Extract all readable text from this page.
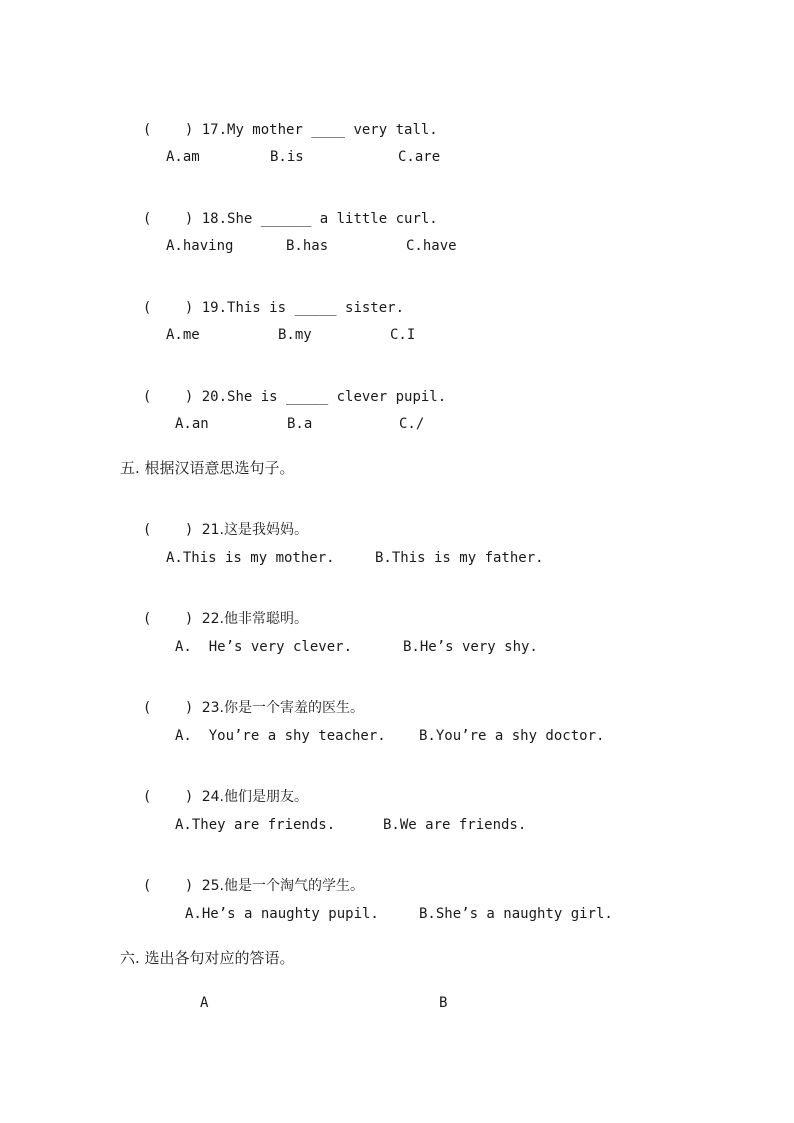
( ) 17.My mother ____ very tall.

A.am	B.is	C.are

( ) 18.She ______ a little curl.

A.having	B.has	C.have

( ) 19.This is _____ sister.

A.me	B.my	C.I

( ) 20.She is _____ clever pupil.

A.an	B.a	C./
五. 根据汉语意思选句子。

( ) 21.这是我妈妈。

A.This is my mother.	B.This is my father.

( ) 22.他非常聪明。

A.  He’s very clever.	B.He’s very shy.

( ) 23.你是一个害羞的医生。

A.  You’re a shy teacher. B.You’re a shy doctor.

( ) 24.他们是朋友。

A.They are friends.	B.We are friends.

( ) 25.他是一个淘气的学生。

A.He’s a naughty pupil.	B.She’s a naughty girl.
六. 选出各句对应的答语。
A	B
